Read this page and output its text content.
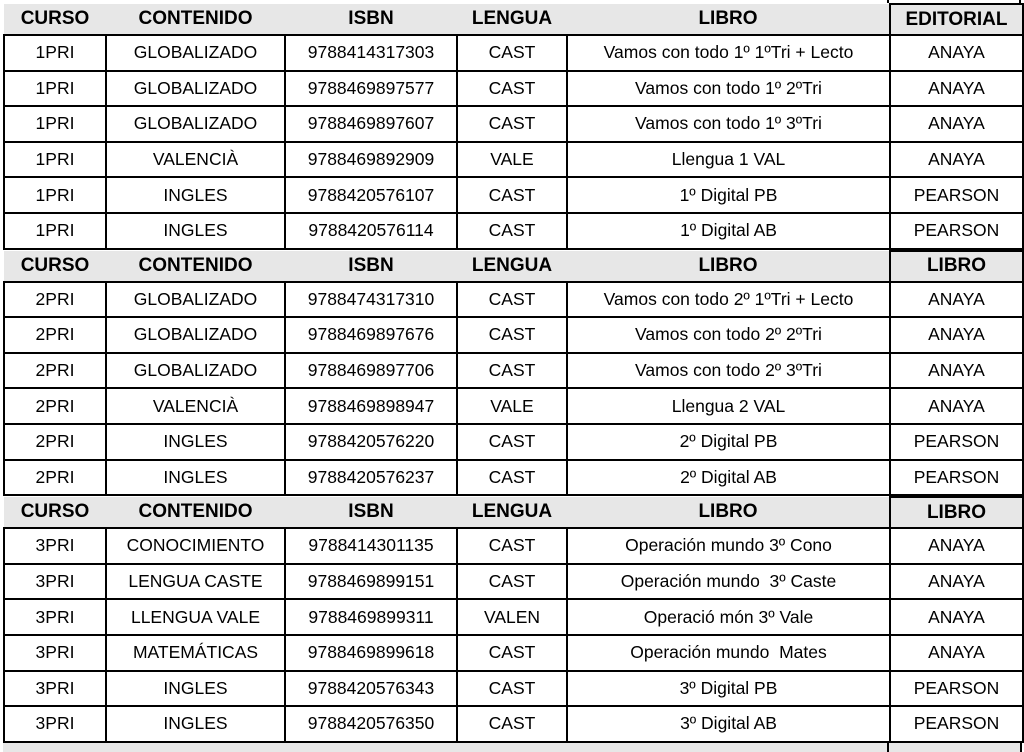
CURSO	CONTENIDO	ISBN	LENGUA	LIBRO	EDITORIAL
1PRI	GLOBALIZADO	9788414317303	CAST	Vamos con todo 1º 1ºTri + Lecto	ANAYA
1PRI	GLOBALIZADO	9788469897577	CAST	Vamos con todo 1º 2ºTri	ANAYA
1PRI	GLOBALIZADO	9788469897607	CAST	Vamos con todo 1º 3ºTri	ANAYA
1PRI	VALENCIÀ	9788469892909	VALE	Llengua 1 VAL	ANAYA
1PRI	INGLES	9788420576107	CAST	1º Digital PB	PEARSON
1PRI	INGLES	9788420576114	CAST	1º Digital AB	PEARSON
CURSO	CONTENIDO	ISBN	LENGUA	LIBRO	LIBRO
2PRI	GLOBALIZADO	9788474317310	CAST	Vamos con todo 2º 1ºTri + Lecto	ANAYA
2PRI	GLOBALIZADO	9788469897676	CAST	Vamos con todo 2º 2ºTri	ANAYA
2PRI	GLOBALIZADO	9788469897706	CAST	Vamos con todo 2º 3ºTri	ANAYA
2PRI	VALENCIÀ	9788469898947	VALE	Llengua 2 VAL	ANAYA
2PRI	INGLES	9788420576220	CAST	2º Digital PB	PEARSON
2PRI	INGLES	9788420576237	CAST	2º Digital AB	PEARSON
CURSO	CONTENIDO	ISBN	LENGUA	LIBRO	LIBRO
3PRI	CONOCIMIENTO	9788414301135	CAST	Operación mundo 3º Cono	ANAYA
3PRI	LENGUA CASTE	9788469899151	CAST	Operación mundo  3º Caste	ANAYA
3PRI	LLENGUA VALE	9788469899311	VALEN	Operació món 3º Vale	ANAYA
3PRI	MATEMÁTICAS	9788469899618	CAST	Operación mundo  Mates	ANAYA
3PRI	INGLES	9788420576343	CAST	3º Digital PB	PEARSON
3PRI	INGLES	9788420576350	CAST	3º Digital AB	PEARSON
